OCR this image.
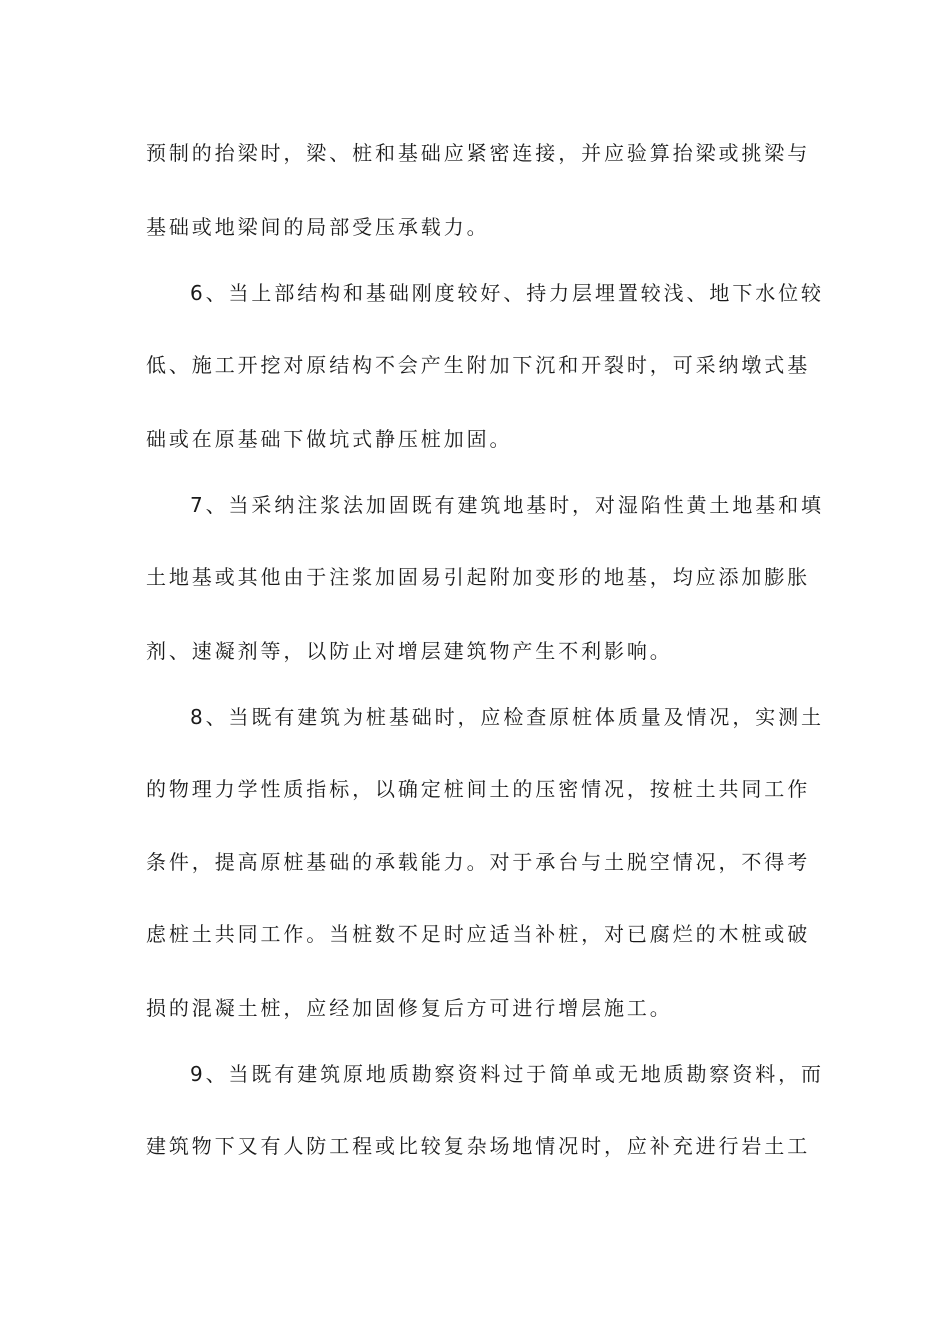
预制的抬梁时，梁、桩和基础应紧密连接，并应验算抬梁或挑梁与
基础或地梁间的局部受压承载力。
6、当上部结构和基础刚度较好、持力层埋置较浅、地下水位较
低、施工开挖对原结构不会产生附加下沉和开裂时，可采纳墩式基
础或在原基础下做坑式静压桩加固。
7、当采纳注浆法加固既有建筑地基时，对湿陷性黄土地基和填
土地基或其他由于注浆加固易引起附加变形的地基，均应添加膨胀
剂、速凝剂等，以防止对增层建筑物产生不利影响。
8、当既有建筑为桩基础时，应检查原桩体质量及情况，实测土
的物理力学性质指标，以确定桩间土的压密情况，按桩土共同工作
条件，提高原桩基础的承载能力。对于承台与土脱空情况，不得考
虑桩土共同工作。当桩数不足时应适当补桩，对已腐烂的木桩或破
损的混凝土桩，应经加固修复后方可进行增层施工。
9、当既有建筑原地质勘察资料过于简单或无地质勘察资料，而
建筑物下又有人防工程或比较复杂场地情况时，应补充进行岩土工
